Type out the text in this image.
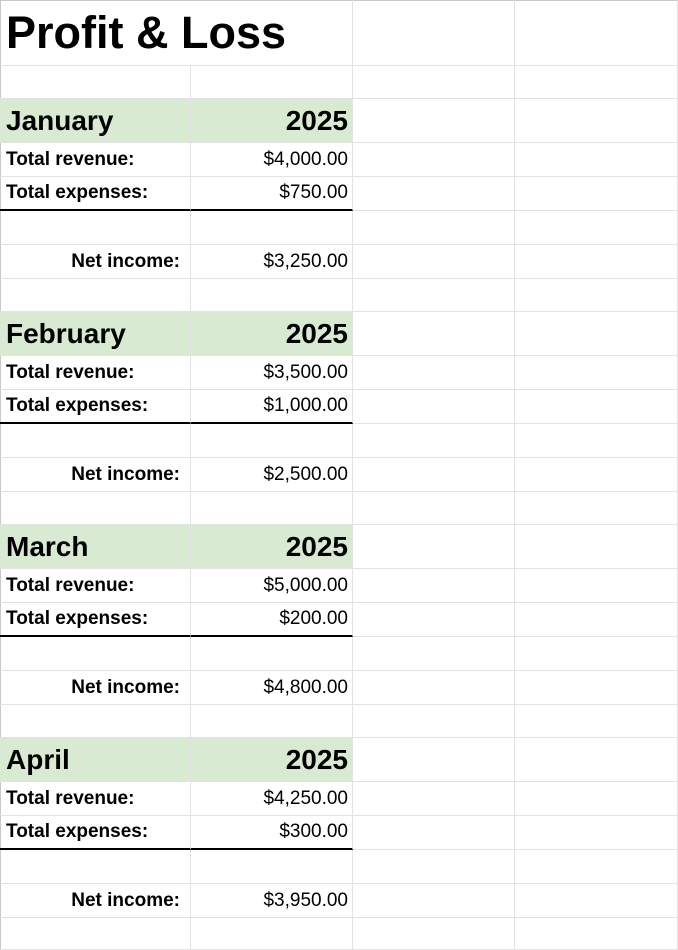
Profit & Loss
January	2025
Total revenue:	$4,000.00
Total expenses:	$750.00
Net income:	$3,250.00
February	2025
Total revenue:	$3,500.00
Total expenses:	$1,000.00
Net income:	$2,500.00
March	2025
Total revenue:	$5,000.00
Total expenses:	$200.00
Net income:	$4,800.00
April	2025
Total revenue:	$4,250.00
Total expenses:	$300.00
Net income:	$3,950.00
